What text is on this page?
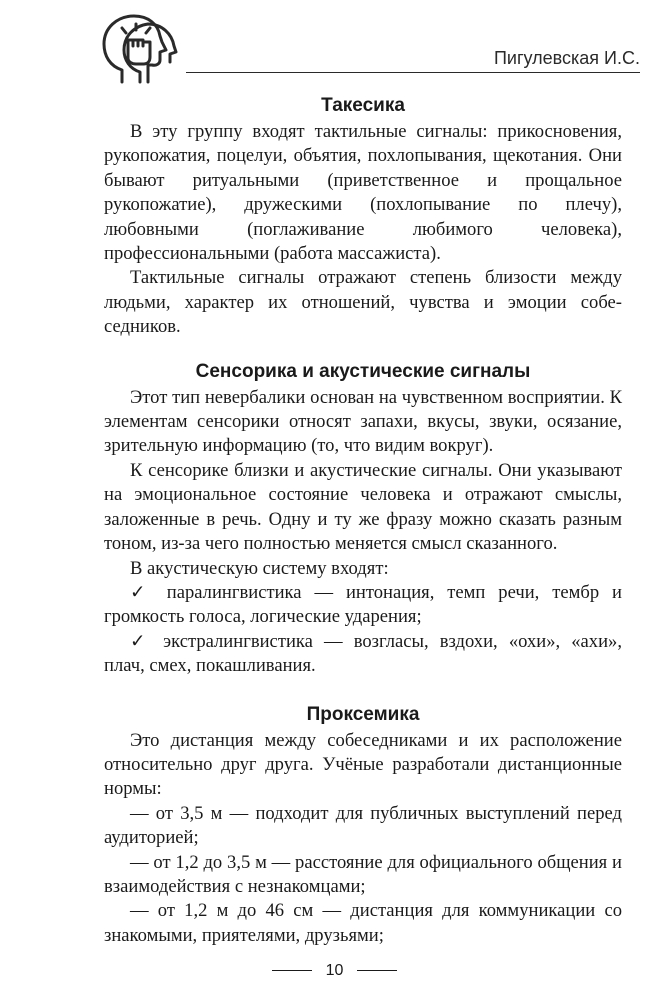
Пигулевская И.С.
Такесика

В эту группу входят тактильные сигналы: прикосновения, рукопожатия, поцелуи, объятия, похлопывания, щекотания. Они бывают ритуальными (приветственное и прощальное рукопожатие), дружескими (похлопывание по плечу), любовными (поглаживание любимого человека), профессиональными (работа массажиста).

Тактильные сигналы отражают степень близости между людьми, характер их отношений, чувства и эмоции собеседников.

Сенсорика и акустические сигналы

Этот тип невербалики основан на чувственном восприятии. К элементам сенсорики относят запахи, вкусы, звуки, осязание, зрительную информацию (то, что видим вокруг).

К сенсорике близки и акустические сигналы. Они указывают на эмоциональное состояние человека и отражают смыслы, заложенные в речь. Одну и ту же фразу можно сказать разным тоном, из-за чего полностью меняется смысл сказанного.

В акустическую систему входят:

✓ паралингвистика — интонация, темп речи, тембр и громкость голоса, логические ударения;

✓ экстралингвистика — возгласы, вздохи, «охи», «ахи», плач, смех, покашливания.

Проксемика

Это дистанция между собеседниками и их расположение относительно друг друга. Учёные разработали дистанционные нормы:

— от 3,5 м — подходит для публичных выступлений перед аудиторией;

— от 1,2 до 3,5 м — расстояние для официального общения и взаимодействия с незнакомцами;

— от 1,2 м до 46 см — дистанция для коммуникации со знакомыми, приятелями, друзьями;

10
